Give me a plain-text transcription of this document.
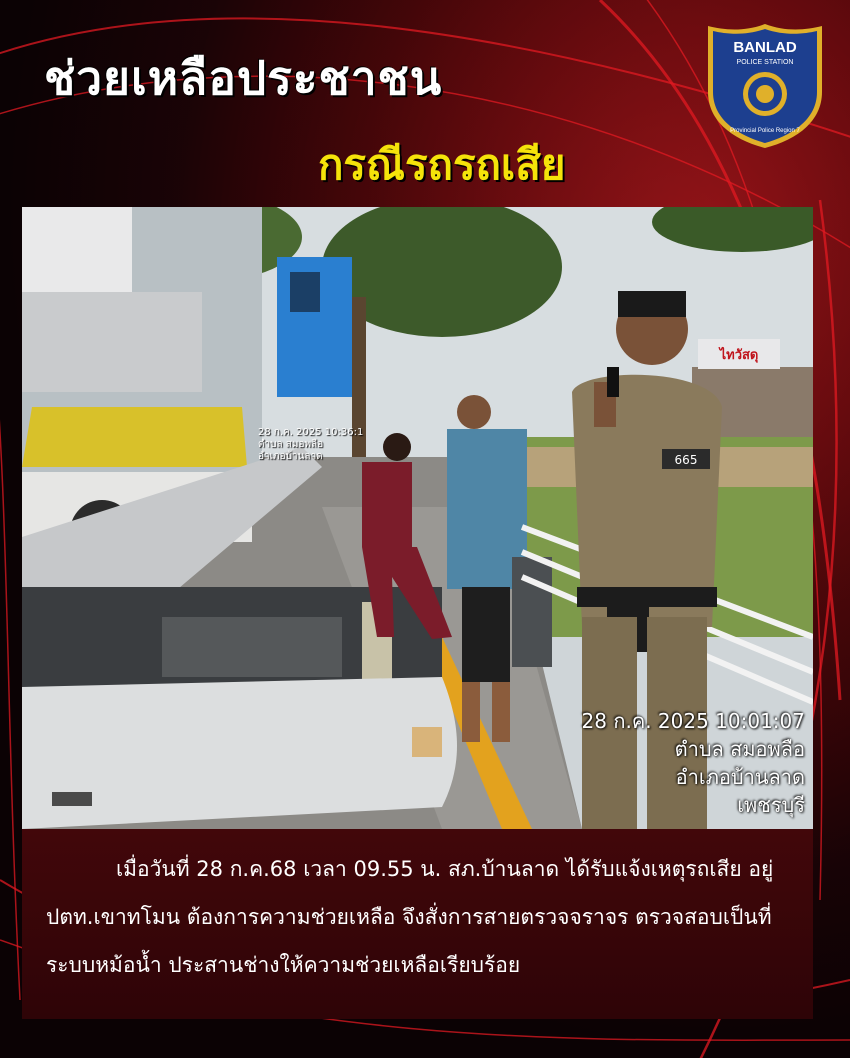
ช่วยเหลือประชาชน
กรณีรถรถเสีย
BANLAD
POLICE STATION
Provincial Police Region 7
ไทวัสดุ
665
28 ก.ค. 2025 10:36:1
ตำบล สมอพลือ
อำเภอบ้านลาด
28 ก.ค. 2025 10:01:07
ตำบล สมอพลือ
อำเภอบ้านลาด
เพชรบุรี

เมื่อวันที่ 28 ก.ค.68 เวลา 09.55 น. สภ.บ้านลาด ได้รับแจ้งเหตุรถเสีย อยู่ ปตท.เขาทโมน ต้องการความช่วยเหลือ จึงสั่งการสายตรวจจราจร ตรวจสอบเป็นที่ระบบหม้อน้ำ ประสานช่างให้ความช่วยเหลือเรียบร้อย
